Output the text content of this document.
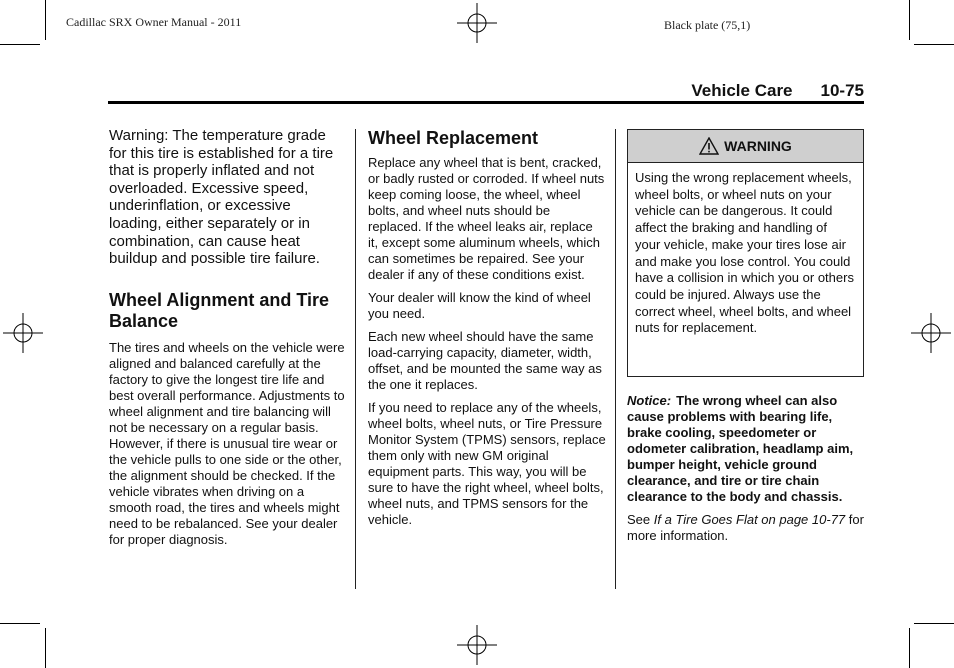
Cadillac SRX Owner Manual - 2011	Black plate (75,1)
Vehicle Care 10-75

Warning: The temperature grade for this tire is established for a tire that is properly inflated and not overloaded. Excessive speed, underinflation, or excessive loading, either separately or in combination, can cause heat buildup and possible tire failure.

Wheel Alignment and Tire Balance

The tires and wheels on the vehicle were aligned and balanced carefully at the factory to give the longest tire life and best overall performance. Adjustments to wheel alignment and tire balancing will not be necessary on a regular basis. However, if there is unusual tire wear or the vehicle pulls to one side or the other, the alignment should be checked. If the vehicle vibrates when driving on a smooth road, the tires and wheels might need to be rebalanced. See your dealer for proper diagnosis.

Wheel Replacement

Replace any wheel that is bent, cracked, or badly rusted or corroded. If wheel nuts keep coming loose, the wheel, wheel bolts, and wheel nuts should be replaced. If the wheel leaks air, replace it, except some aluminum wheels, which can sometimes be repaired. See your dealer if any of these conditions exist.

Your dealer will know the kind of wheel you need.

Each new wheel should have the same load-carrying capacity, diameter, width, offset, and be mounted the same way as the one it replaces.

If you need to replace any of the wheels, wheel bolts, wheel nuts, or Tire Pressure Monitor System (TPMS) sensors, replace them only with new GM original equipment parts. This way, you will be sure to have the right wheel, wheel bolts, wheel nuts, and TPMS sensors for the vehicle.

WARNING
Using the wrong replacement wheels, wheel bolts, or wheel nuts on your vehicle can be dangerous. It could affect the braking and handling of your vehicle, make your tires lose air and make you lose control. You could have a collision in which you or others could be injured. Always use the correct wheel, wheel bolts, and wheel nuts for replacement.

Notice: The wrong wheel can also cause problems with bearing life, brake cooling, speedometer or odometer calibration, headlamp aim, bumper height, vehicle ground clearance, and tire or tire chain clearance to the body and chassis.

See If a Tire Goes Flat on page 10-77 for more information.
